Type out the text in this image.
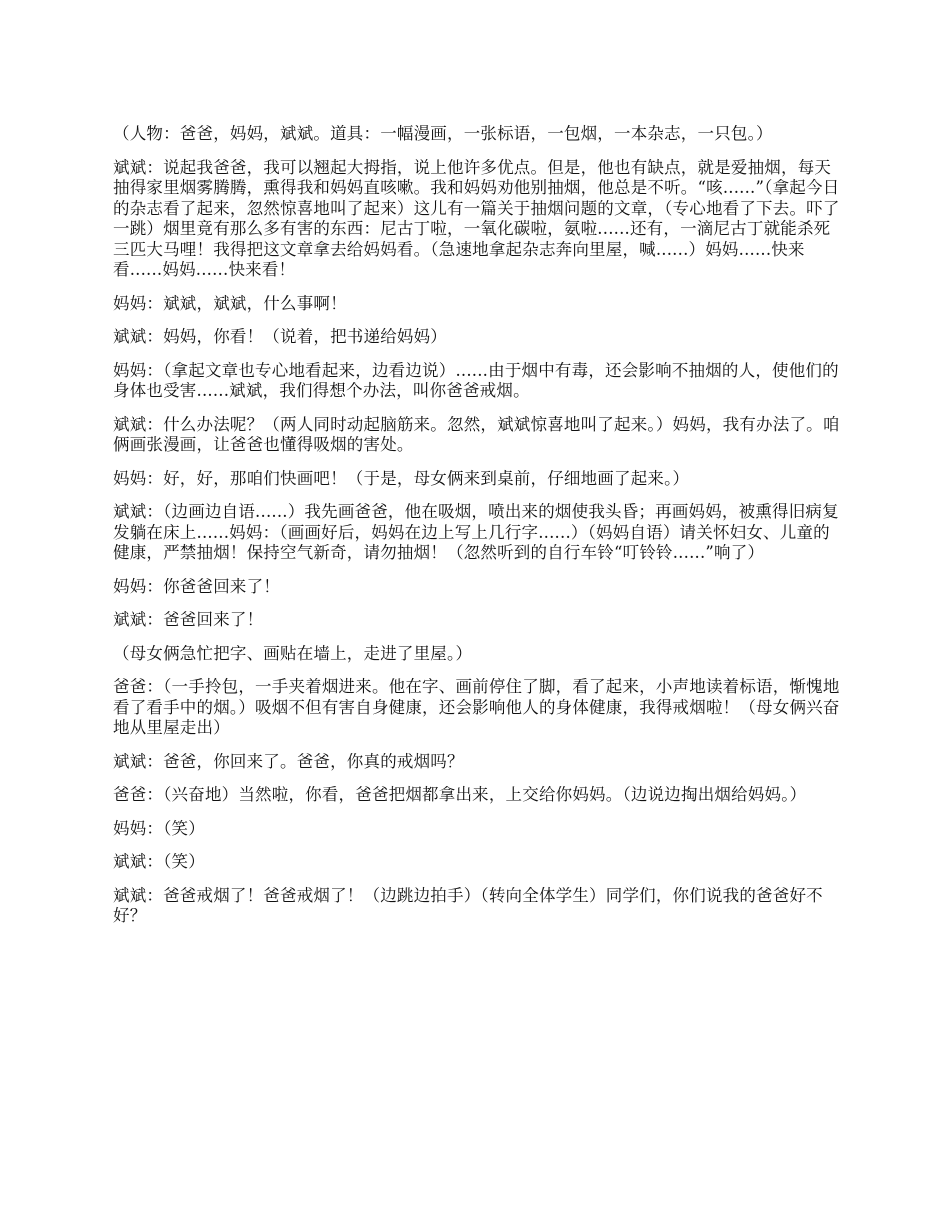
（人物：爸爸，妈妈，斌斌。道具：一幅漫画，一张标语，一包烟，一本杂志，一只包。）

斌斌：说起我爸爸，我可以翘起大拇指，说上他许多优点。但是，他也有缺点，就是爱抽烟，每天抽得家里烟雾腾腾，熏得我和妈妈直咳嗽。我和妈妈劝他别抽烟，他总是不听。“咳......”（拿起今日的杂志看了起来，忽然惊喜地叫了起来）这儿有一篇关于抽烟问题的文章，（专心地看了下去。吓了一跳）烟里竟有那么多有害的东西：尼古丁啦，一氧化碳啦，氨啦......还有，一滴尼古丁就能杀死三匹大马哩！我得把这文章拿去给妈妈看。（急速地拿起杂志奔向里屋，喊......）妈妈......快来看......妈妈......快来看！

妈妈：斌斌，斌斌，什么事啊！

斌斌：妈妈，你看！（说着，把书递给妈妈）

妈妈：（拿起文章也专心地看起来，边看边说）......由于烟中有毒，还会影响不抽烟的人，使他们的身体也受害......斌斌，我们得想个办法，叫你爸爸戒烟。

斌斌：什么办法呢？（两人同时动起脑筋来。忽然，斌斌惊喜地叫了起来。）妈妈，我有办法了。咱俩画张漫画，让爸爸也懂得吸烟的害处。

妈妈：好，好，那咱们快画吧！（于是，母女俩来到桌前，仔细地画了起来。）

斌斌：（边画边自语......）我先画爸爸，他在吸烟，喷出来的烟使我头昏；再画妈妈，被熏得旧病复发躺在床上......妈妈：（画画好后，妈妈在边上写上几行字......）（妈妈自语）请关怀妇女、儿童的健康，严禁抽烟！保持空气新奇，请勿抽烟！（忽然听到的自行车铃“叮铃铃......”响了）

妈妈：你爸爸回来了！

斌斌：爸爸回来了！

（母女俩急忙把字、画贴在墙上，走进了里屋。）

爸爸：（一手拎包，一手夹着烟进来。他在字、画前停住了脚，看了起来，小声地读着标语，惭愧地看了看手中的烟。）吸烟不但有害自身健康，还会影响他人的身体健康，我得戒烟啦！（母女俩兴奋地从里屋走出）

斌斌：爸爸，你回来了。爸爸，你真的戒烟吗？

爸爸：（兴奋地）当然啦，你看，爸爸把烟都拿出来，上交给你妈妈。（边说边掏出烟给妈妈。）

妈妈：（笑）

斌斌：（笑）

斌斌：爸爸戒烟了！爸爸戒烟了！（边跳边拍手）（转向全体学生）同学们，你们说我的爸爸好不好？
